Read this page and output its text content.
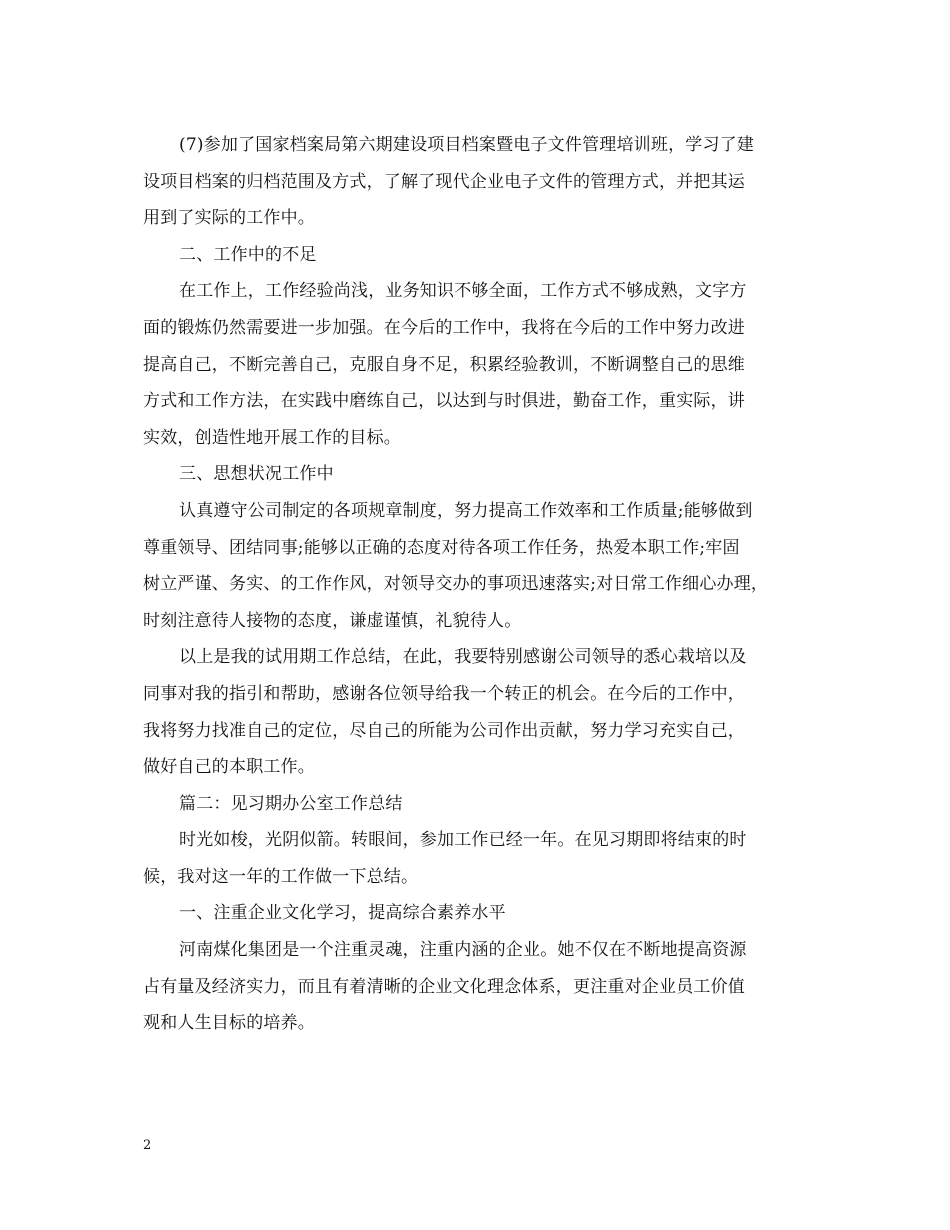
(7)参加了国家档案局第六期建设项目档案暨电子文件管理培训班，学习了建
设项目档案的归档范围及方式，了解了现代企业电子文件的管理方式，并把其运
用到了实际的工作中。
二、工作中的不足
在工作上，工作经验尚浅，业务知识不够全面，工作方式不够成熟，文字方
面的锻炼仍然需要进一步加强。在今后的工作中，我将在今后的工作中努力改进
提高自己，不断完善自己，克服自身不足，积累经验教训，不断调整自己的思维
方式和工作方法，在实践中磨练自己，以达到与时俱进，勤奋工作，重实际，讲
实效，创造性地开展工作的目标。
三、思想状况工作中
认真遵守公司制定的各项规章制度，努力提高工作效率和工作质量;能够做到
尊重领导、团结同事;能够以正确的态度对待各项工作任务，热爱本职工作;牢固
树立严谨、务实、的工作作风，对领导交办的事项迅速落实;对日常工作细心办理，
时刻注意待人接物的态度，谦虚谨慎，礼貌待人。
以上是我的试用期工作总结，在此，我要特别感谢公司领导的悉心栽培以及
同事对我的指引和帮助，感谢各位领导给我一个转正的机会。在今后的工作中，
我将努力找准自己的定位，尽自己的所能为公司作出贡献，努力学习充实自己，
做好自己的本职工作。
篇二：见习期办公室工作总结
时光如梭，光阴似箭。转眼间，参加工作已经一年。在见习期即将结束的时
候，我对这一年的工作做一下总结。
一、注重企业文化学习，提高综合素养水平
河南煤化集团是一个注重灵魂，注重内涵的企业。她不仅在不断地提高资源
占有量及经济实力，而且有着清晰的企业文化理念体系，更注重对企业员工价值
观和人生目标的培养。
2
